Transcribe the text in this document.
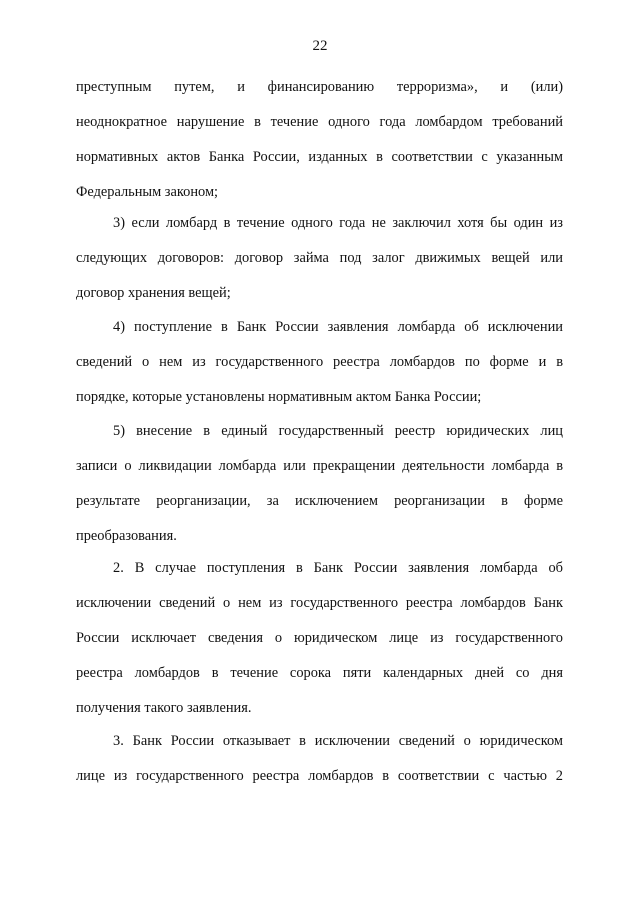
22
преступным путем, и финансированию терроризма», и (или)
неоднократное нарушение в течение одного года ломбардом требований
нормативных актов Банка России, изданных в соответствии с указанным
Федеральным законом;
3) если ломбард в течение одного года не заключил хотя бы один из
следующих договоров: договор займа под залог движимых вещей или
договор хранения вещей;
4) поступление в Банк России заявления ломбарда об исключении
сведений о нем из государственного реестра ломбардов по форме и в
порядке, которые установлены нормативным актом Банка России;
5) внесение в единый государственный реестр юридических лиц
записи о ликвидации ломбарда или прекращении деятельности ломбарда в
результате реорганизации, за исключением реорганизации в форме
преобразования.
2. В случае поступления в Банк России заявления ломбарда об
исключении сведений о нем из государственного реестра ломбардов Банк
России исключает сведения о юридическом лице из государственного
реестра ломбардов в течение сорока пяти календарных дней со дня
получения такого заявления.
3. Банк России отказывает в исключении сведений о юридическом
лице из государственного реестра ломбардов в соответствии с частью 2
